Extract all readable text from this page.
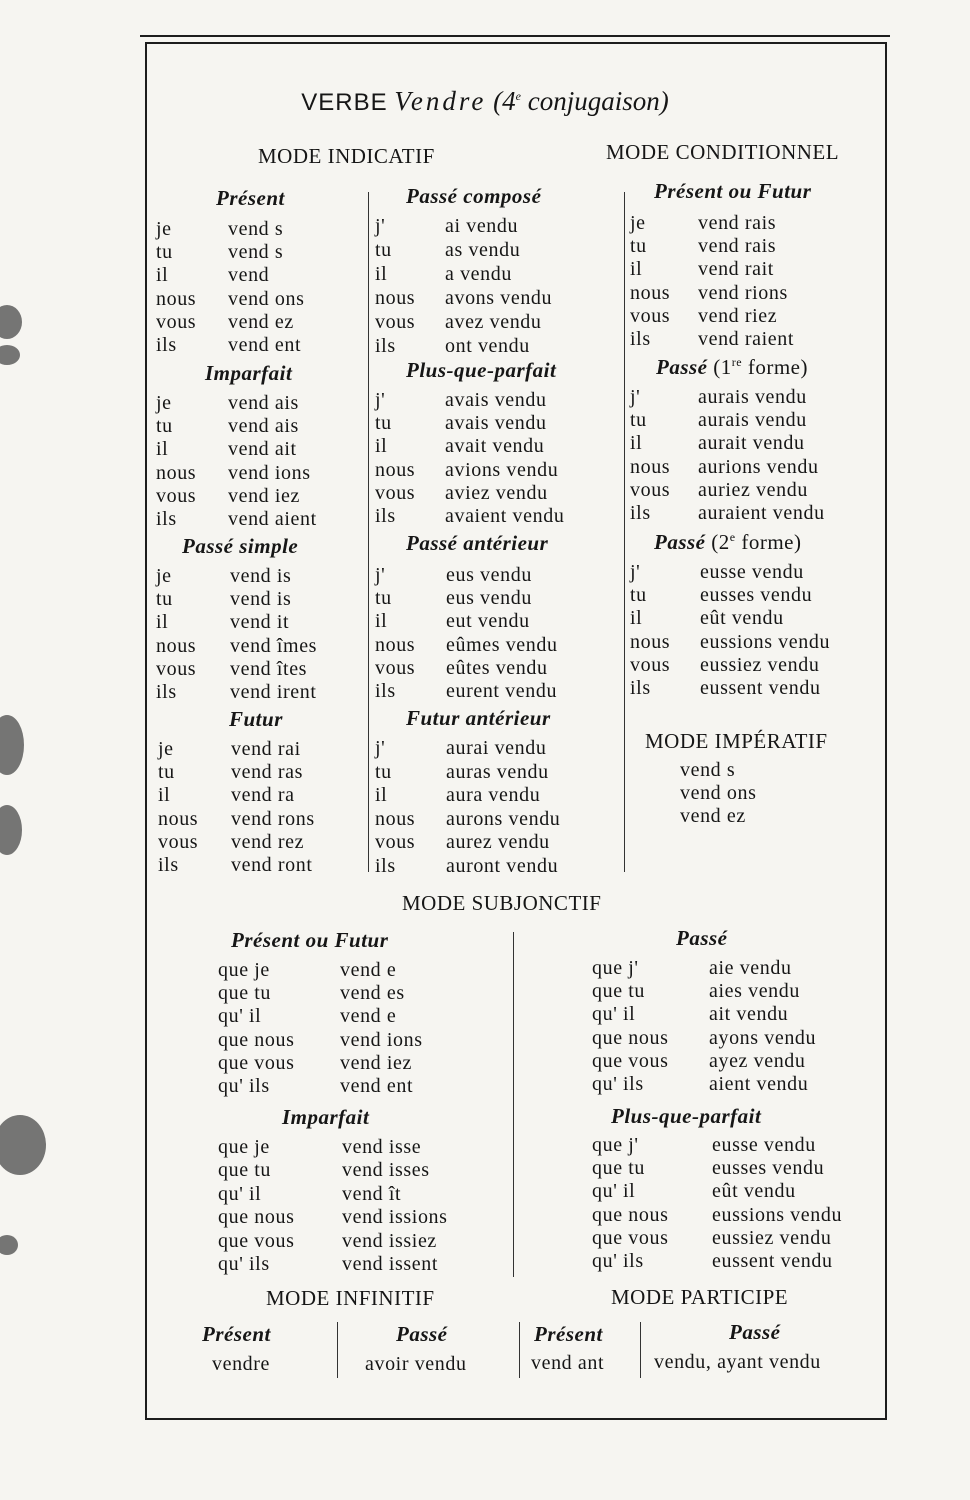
VERBE Vendre (4e conjugaison)
MODE INDICATIF	MODE CONDITIONNEL
Présent
je	vend s
tu	vend s
il	vend
nous vend ons
vous vend ez
ils	vend ent
Imparfait
je	vend ais
tu	vend ais
il	vend ait
nous vend ions
vous vend iez
ils	vend aient
Passé simple
je	vend is
tu	vend is
il	vend it
nous vend îmes
vous vend îtes
ils	vend irent
Futur
je	vend rai
tu	vend ras
il	vend ra
nous vend rons
vous vend rez
ils	vend ront
Passé composé
j'	ai vendu
tu	as vendu
il	a vendu
nous avons vendu
vous avez vendu
ils ont vendu
Plus-que-parfait
j'	avais vendu
tu	avais vendu
il	avait vendu
nous avions vendu
vous aviez vendu
ils avaient vendu
Passé antérieur
j'	eus vendu
tu	eus vendu
il	eut vendu
nous eûmes vendu
vous eûtes vendu
ils	eurent vendu
Futur antérieur
j'	aurai vendu
tu	auras vendu
il	aura vendu
nous aurons vendu
vous aurez vendu
ils	auront vendu
Présent ou Futur
je	vend rais
tu	vend rais
il	vend rait
nous vend rions
vous vend riez
ils vend raient
Passé (1re forme)
j'	aurais vendu
tu	aurais vendu
il	aurait vendu
nous aurions vendu
vous auriez vendu
ils auraient vendu
Passé (2e forme)
j'	eusse vendu
tu	eusses vendu
il	eût vendu
nous eussions vendu
vous eussiez vendu
ils eussent vendu
Présent ou Futur
que je	vend e
que tu	vend es
qu' il	vend e
que nous vend ions
que vous vend iez
qu' ils	vend ent
Imparfait
que je	vend isse
que tu	vend isses
qu' il	vend ît
que nous vend issions
que vous vend issiez
qu' ils	vend issent
Passé
que j'	aie vendu
que tu	aies vendu
qu' il	ait vendu
que nous ayons vendu
que vous ayez vendu
qu' ils	aient vendu
Plus-que-parfait
que j'	eusse vendu
que tu	eusses vendu
qu' il	eût vendu
que nous eussions vendu
que vous eussiez vendu
qu' ils	eussent vendu
MODE IMPÉRATIF
vend s
vend ons
vend ez
MODE SUBJONCTIF
MODE INFINITIF	MODE PARTICIPE
Présent
vendre
Passé
avoir vendu
Présent
vend ant
Passé
vendu, ayant vendu
